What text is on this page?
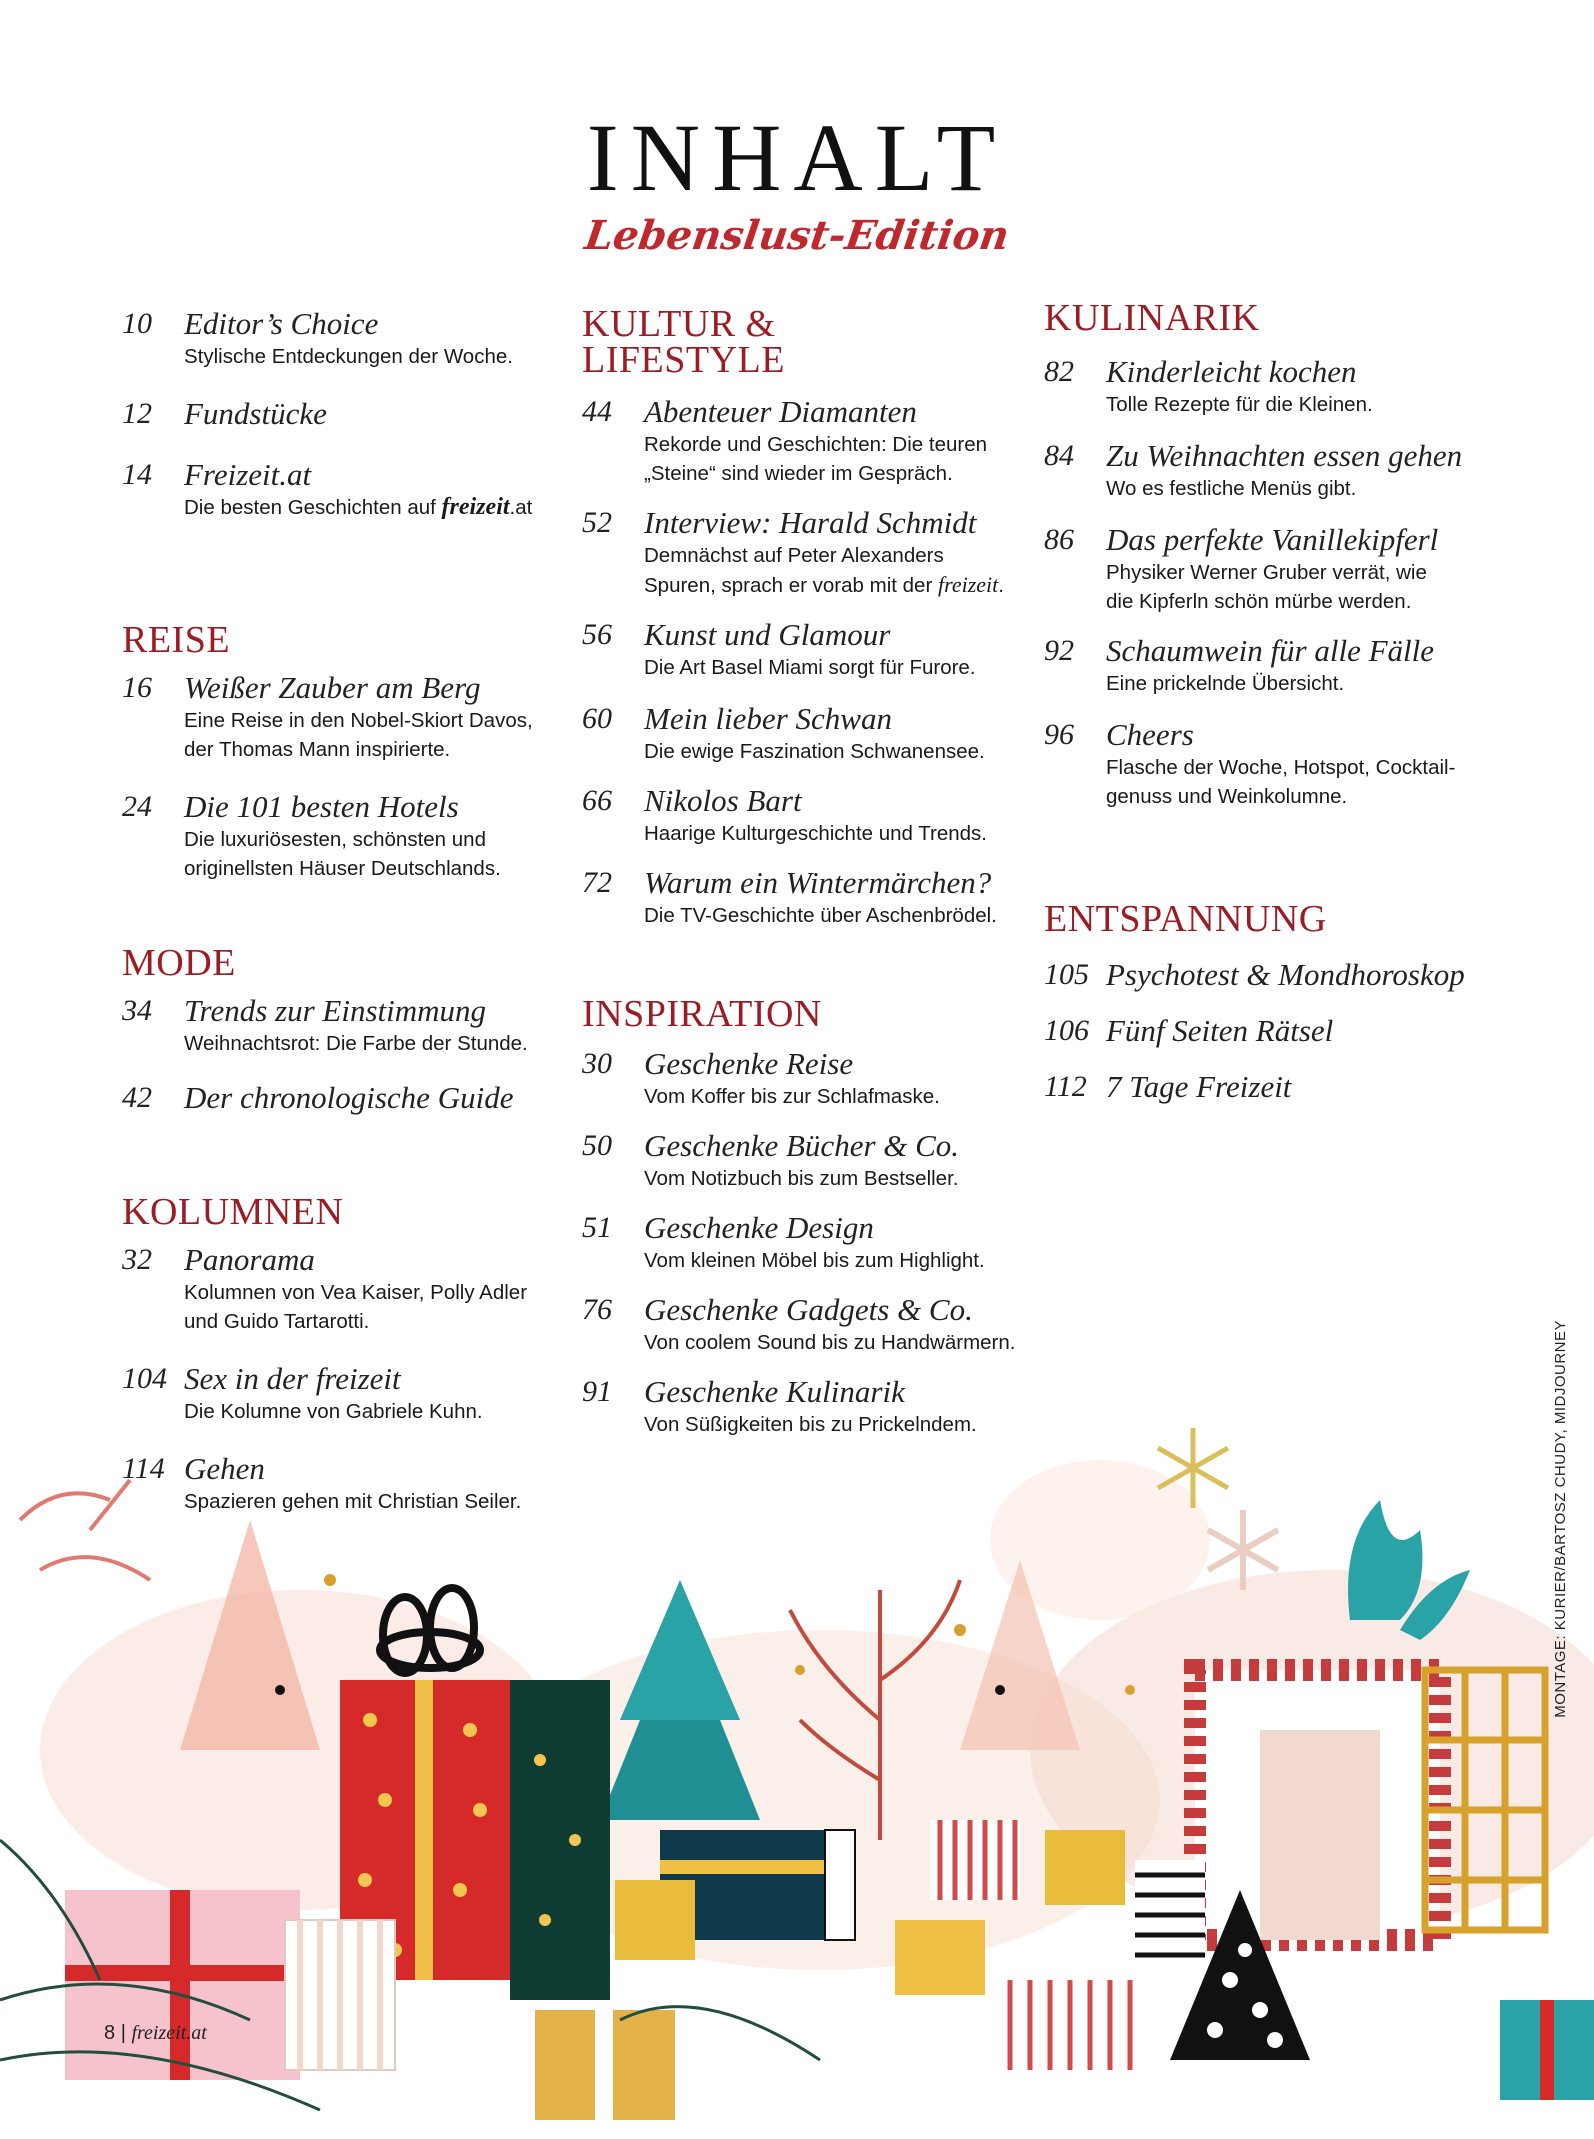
INHALT
Lebenslust-Edition
10 Editor’s Choice
Stylische Entdeckungen der Woche.
12 Fundstücke
14 Freizeit.at
Die besten Geschichten auf freizeit.at
REISE
16 Weißer Zauber am Berg
Eine Reise in den Nobel-Skiort Davos,
der Thomas Mann inspirierte.
24 Die 101 besten Hotels
Die luxuriösesten, schönsten und
originellsten Häuser Deutschlands.
MODE
34 Trends zur Einstimmung
Weihnachtsrot: Die Farbe der Stunde.
42 Der chronologische Guide
KOLUMNEN
32 Panorama
Kolumnen von Vea Kaiser, Polly Adler
und Guido Tartarotti.
104 Sex in der freizeit
Die Kolumne von Gabriele Kuhn.
114 Gehen
Spazieren gehen mit Christian Seiler.
KULTUR &
LIFESTYLE
44 Abenteuer Diamanten
Rekorde und Geschichten: Die teuren
„Steine“ sind wieder im Gespräch.
52 Interview: Harald Schmidt
Demnächst auf Peter Alexanders
Spuren, sprach er vorab mit der freizeit.
56 Kunst und Glamour
Die Art Basel Miami sorgt für Furore.
60 Mein lieber Schwan
Die ewige Faszination Schwanensee.
66 Nikolos Bart
Haarige Kulturgeschichte und Trends.
72 Warum ein Wintermärchen?
Die TV-Geschichte über Aschenbrödel.
INSPIRATION
30 Geschenke Reise
Vom Koffer bis zur Schlafmaske.
50 Geschenke Bücher & Co.
Vom Notizbuch bis zum Bestseller.
51 Geschenke Design
Vom kleinen Möbel bis zum Highlight.
76 Geschenke Gadgets & Co.
Von coolem Sound bis zu Handwärmern.
91 Geschenke Kulinarik
Von Süßigkeiten bis zu Prickelndem.
KULINARIK
82 Kinderleicht kochen
Tolle Rezepte für die Kleinen.
84 Zu Weihnachten essen gehen
Wo es festliche Menüs gibt.
86 Das perfekte Vanillekipferl
Physiker Werner Gruber verrät, wie
die Kipferln schön mürbe werden.
92 Schaumwein für alle Fälle
Eine prickelnde Übersicht.
96 Cheers
Flasche der Woche, Hotspot, Cocktail-
genuss und Weinkolumne.
ENTSPANNUNG
105 Psychotest & Mondhoroskop
106 Fünf Seiten Rätsel
112 7 Tage Freizeit
MONTAGE: KURIER/BARTOSZ CHUDY, MIDJOURNEY
8 | freizeit.at
